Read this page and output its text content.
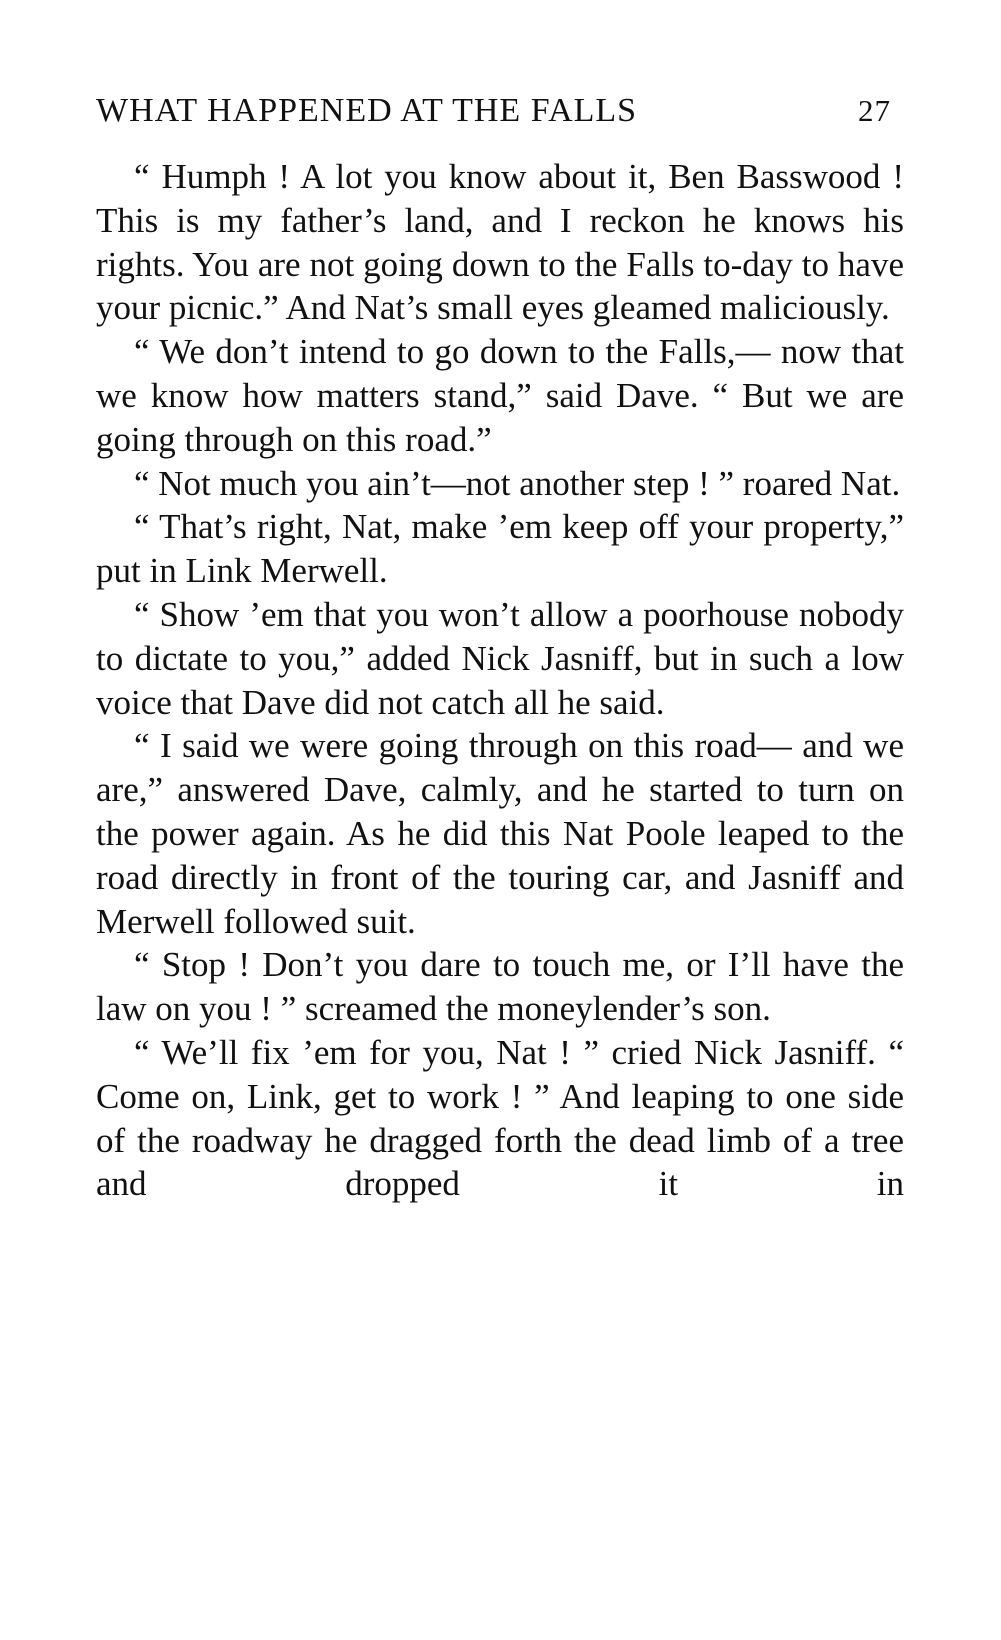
WHAT HAPPENED AT THE FALLS	27

“ Humph ! A lot you know about it, Ben Basswood ! This is my father’s land, and I reckon he knows his rights. You are not going down to the Falls to-day to have your picnic.” And Nat’s small eyes gleamed maliciously.

“ We don’t intend to go down to the Falls,— now that we know how matters stand,” said Dave. “ But we are going through on this road.”

“ Not much you ain’t—not another step ! ” roared Nat.

“ That’s right, Nat, make ’em keep off your property,” put in Link Merwell.

“ Show ’em that you won’t allow a poorhouse nobody to dictate to you,” added Nick Jasniff, but in such a low voice that Dave did not catch all he said.

“ I said we were going through on this road— and we are,” answered Dave, calmly, and he started to turn on the power again. As he did this Nat Poole leaped to the road directly in front of the touring car, and Jasniff and Merwell followed suit.

“ Stop ! Don’t you dare to touch me, or I’ll have the law on you ! ” screamed the moneylender’s son.

“ We’ll fix ’em for you, Nat ! ” cried Nick Jasniff. “ Come on, Link, get to work ! ” And leaping to one side of the roadway he dragged forth the dead limb of a tree and dropped it in
